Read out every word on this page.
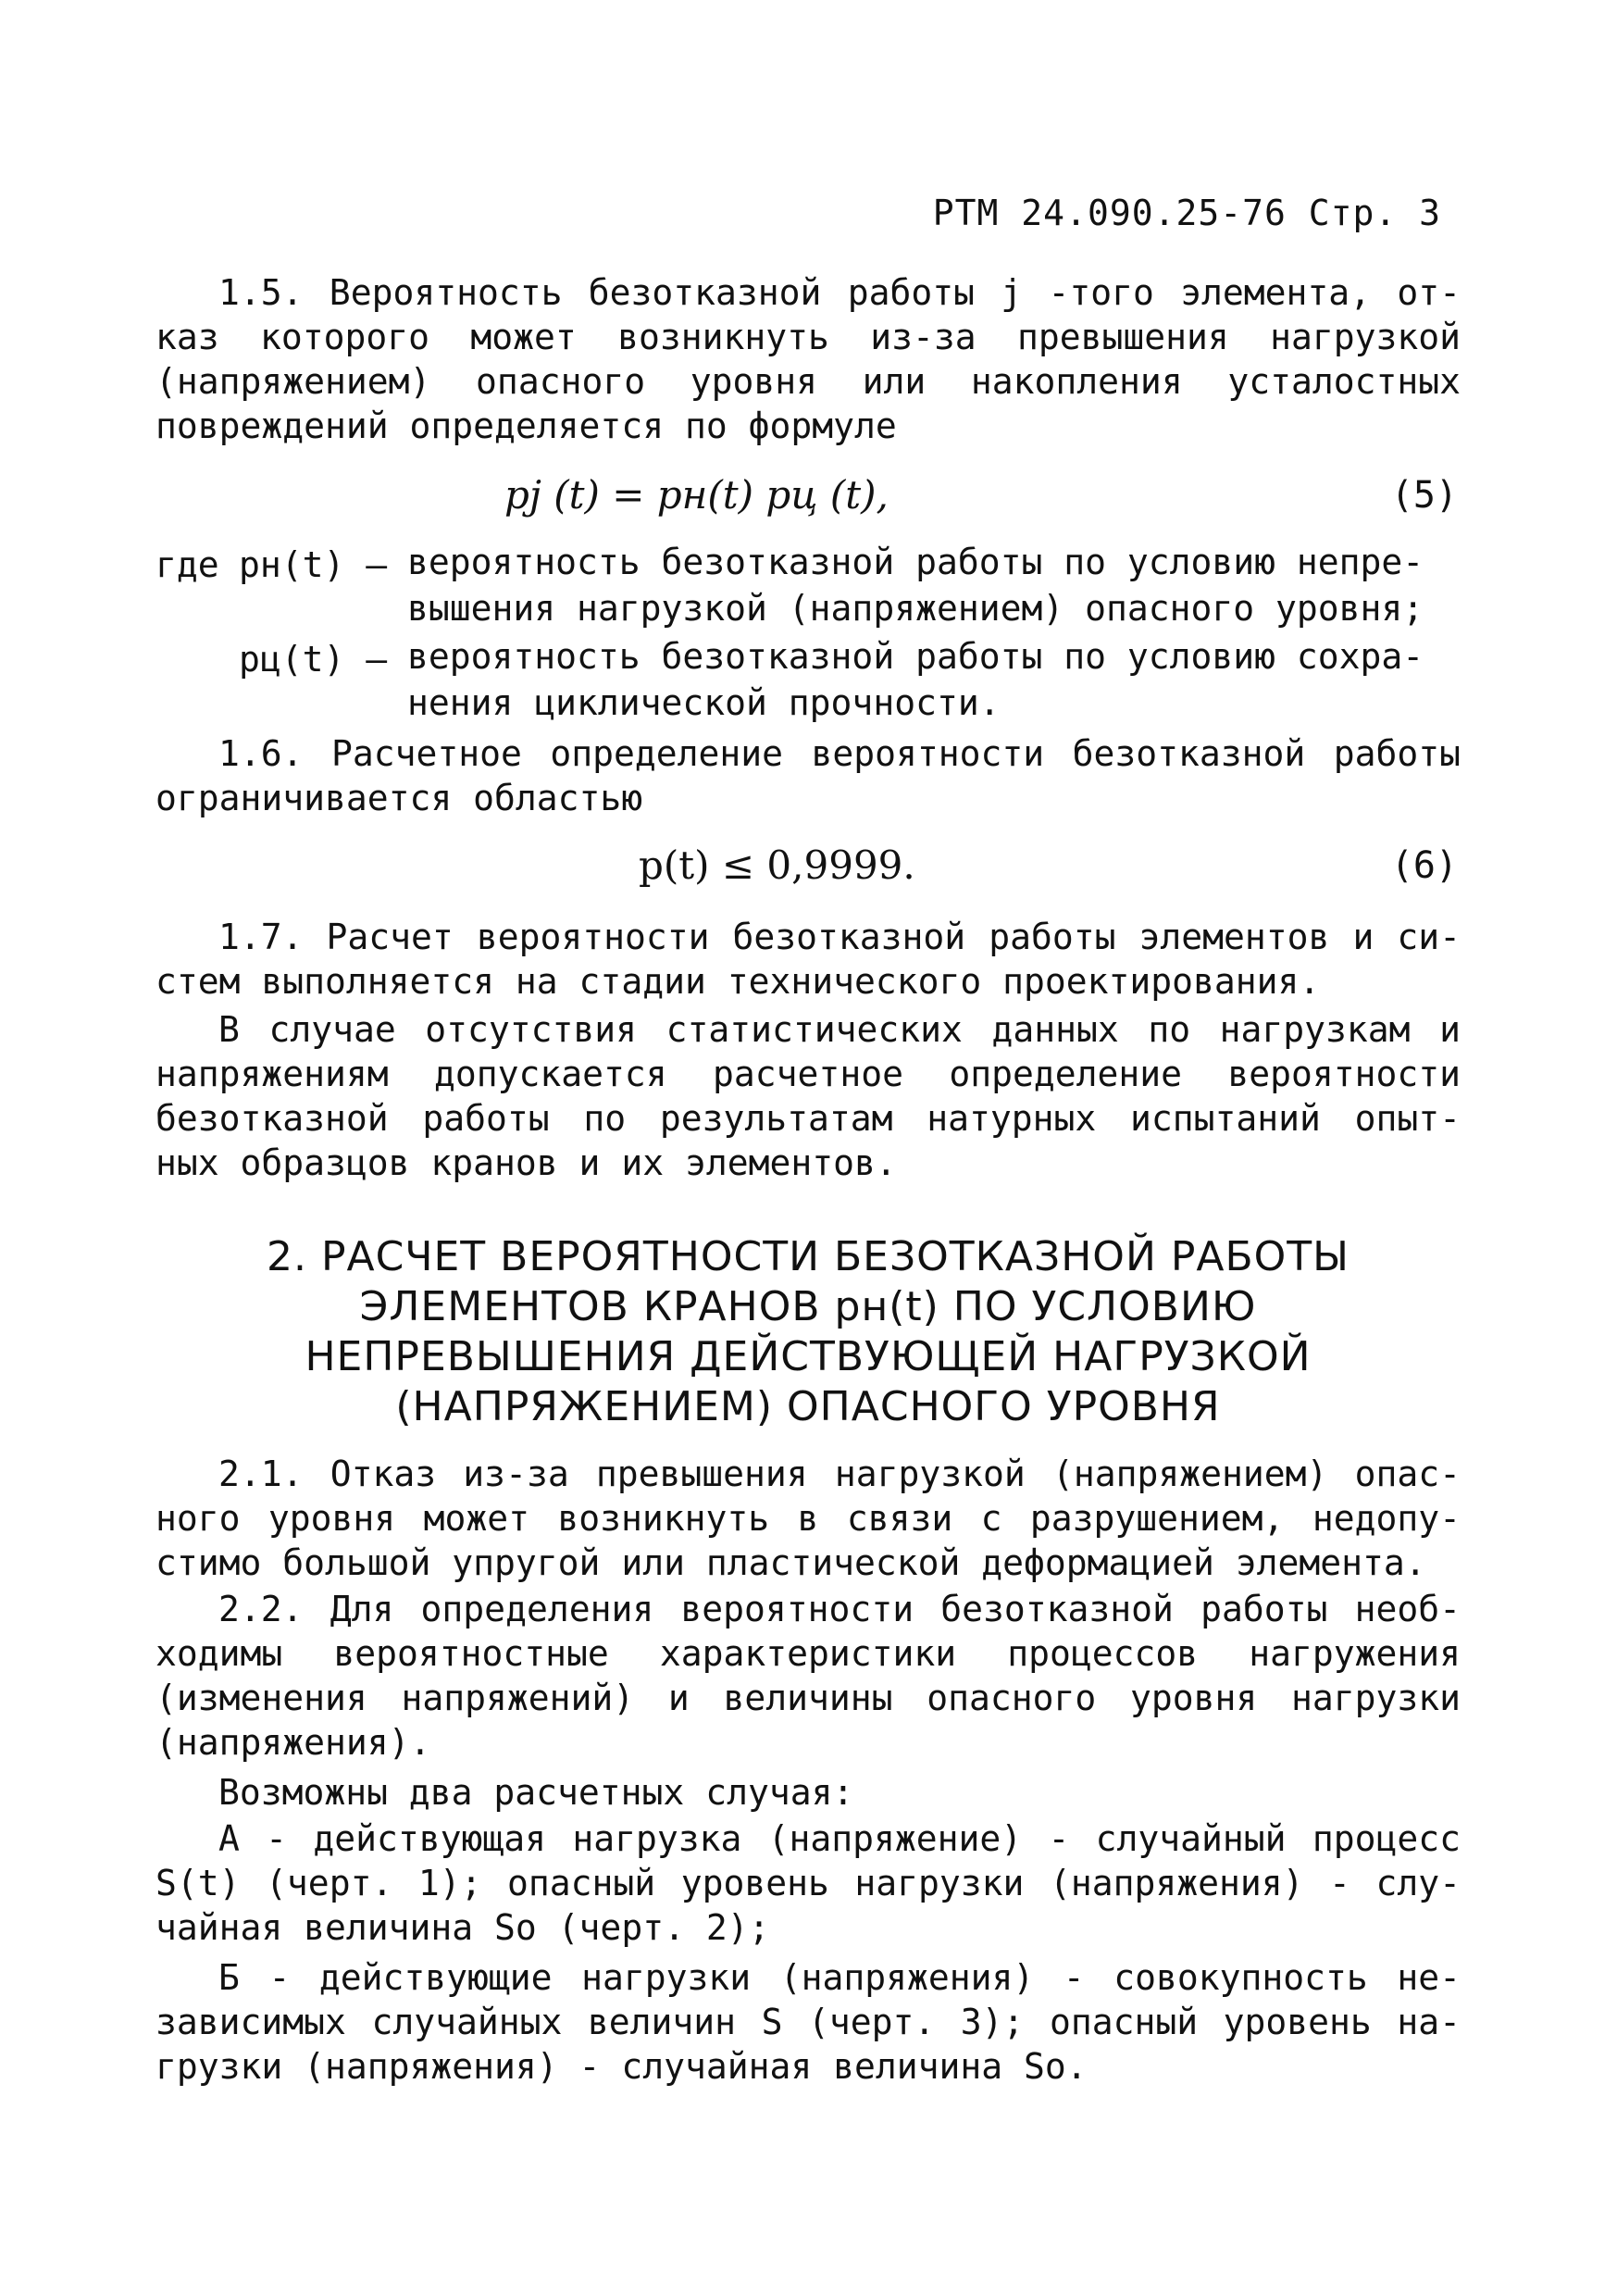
РТМ 24.090.25-76 Стр. 3
1.5. Вероятность безотказной работы j -того элемента, от-
каз которого может возникнуть из-за превышения нагрузкой
(напряжением) опасного уровня или накопления усталостных
повреждений определяется по формуле
pj (t) = pн(t) pц (t),	(5)
где pн(t) – вероятность безотказной работы по условию непре-вышения нагрузкой (напряжением) опасного уровня;
pц(t) – вероятность безотказной работы по условию сохра-нения циклической прочности.
1.6. Расчетное определение вероятности безотказной работы
ограничивается областью
p(t) ≤ 0,9999.	(6)
1.7. Расчет вероятности безотказной работы элементов и си-
стем выполняется на стадии технического проектирования.
В случае отсутствия статистических данных по нагрузкам и
напряжениям допускается расчетное определение вероятности
безотказной работы по результатам натурных испытаний опыт-
ных образцов кранов и их элементов.
2. РАСЧЕТ ВЕРОЯТНОСТИ БЕЗОТКАЗНОЙ РАБОТЫ
ЭЛЕМЕНТОВ КРАНОВ pн(t) ПО УСЛОВИЮ
НЕПРЕВЫШЕНИЯ ДЕЙСТВУЮЩЕЙ НАГРУЗКОЙ
(НАПРЯЖЕНИЕМ) ОПАСНОГО УРОВНЯ
2.1. Отказ из-за превышения нагрузкой (напряжением) опас-
ного уровня может возникнуть в связи с разрушением, недопу-
стимо большой упругой или пластической деформацией элемента.
2.2. Для определения вероятности безотказной работы необ-
ходимы вероятностные характеристики процессов нагружения
(изменения напряжений) и величины опасного уровня нагрузки
(напряжения).
Возможны два расчетных случая:
А - действующая нагрузка (напряжение) - случайный процесс
S(t) (черт. 1); опасный уровень нагрузки (напряжения) - слу-
чайная величина So (черт. 2);
Б - действующие нагрузки (напряжения) - совокупность не-
зависимых случайных величин S (черт. 3); опасный уровень на-
грузки (напряжения) - случайная величина So.
